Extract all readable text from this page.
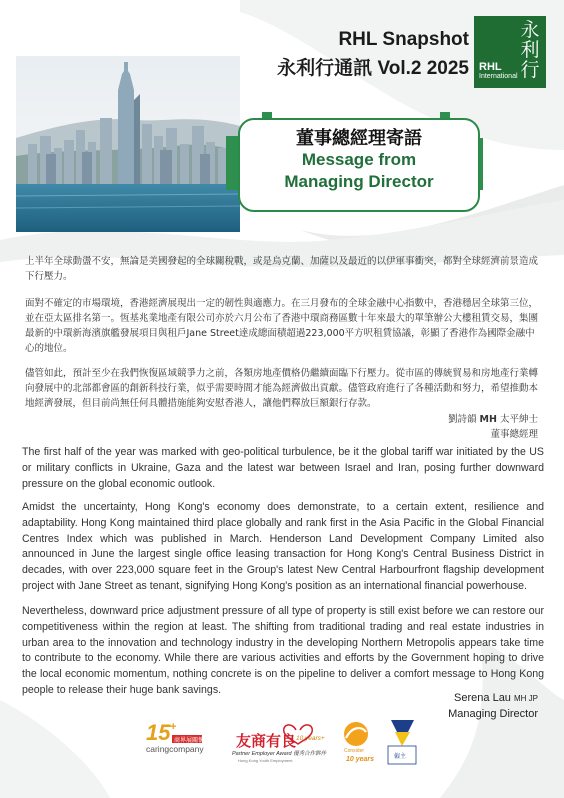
RHL Snapshot
永利行通訊 Vol.2 2025
永利行
RHL
International
董事總經理寄語
Message from
Managing Director

上半年全球動盪不安，無論是美國發起的全球關稅戰，或是烏克蘭、加薩以及最近的以伊軍事衝突，都對全球經濟前景造成下行壓力。

面對不確定的市場環境，香港經濟展現出一定的韌性與適應力。在三月發布的全球金融中心指數中，香港穩居全球第三位，並在亞太區排名第一。恆基兆業地產有限公司亦於六月公布了香港中環商務區數十年來最大的單筆辦公大樓租賃交易，集團最新的中環新海濱旗艦發展項目與租戶Jane Street達成總面積超過223,000平方呎租賃協議，彰顯了香港作為國際金融中心的地位。

儘管如此，預計至少在我們恢復區域競爭力之前，各類房地產價格仍繼續面臨下行壓力。從市區的傳統貿易和房地產行業轉向發展中的北部都會區的創新科技行業，似乎需要時間才能為經濟做出貢獻。儘管政府進行了各種活動和努力，希望推動本地經濟發展，但目前尚無任何具體措施能夠安慰香港人，讓他們釋放巨額銀行存款。

劉詩韻 MH 太平紳士
董事總經理

The first half of the year was marked with geo-political turbulence, be it the global tariff war initiated by the US or military conflicts in Ukraine, Gaza and the latest war between Israel and Iran, posing further downward pressure on the global economic outlook.

Amidst the uncertainty, Hong Kong's economy does demonstrate, to a certain extent, resilience and adaptability. Hong Kong maintained third place globally and rank first in the Asia Pacific in the Global Financial Centres Index which was published in March. Henderson Land Development Company Limited also announced in June the largest single office leasing transaction for Hong Kong's Central Business District in decades, with over 223,000 square feet in the Group's latest New Central Harbourfront flagship development project with Jane Street as tenant, signifying Hong Kong's position as an international financial powerhouse.

Nevertheless, downward price adjustment pressure of all type of property is still exist before we can restore our competitiveness within the region at least. The shifting from traditional trading and real estate industries in urban area to the innovation and technology industry in the developing Northern Metropolis appears take time to contribute to the economy. While there are various activities and efforts by the Government hoping to drive the local economic momentum, nothing concrete is on the pipeline to deliver a comfort message to Hong Kong people to release their huge bank savings.

Serena Lau MH JP
Managing Director
15 +
商界展關懷
caringcompany 友商有良 10 years+
Partner Employer Award 優秀合作夥伴
Hong Kong Youth Employment
Consider
10 years	僱主
